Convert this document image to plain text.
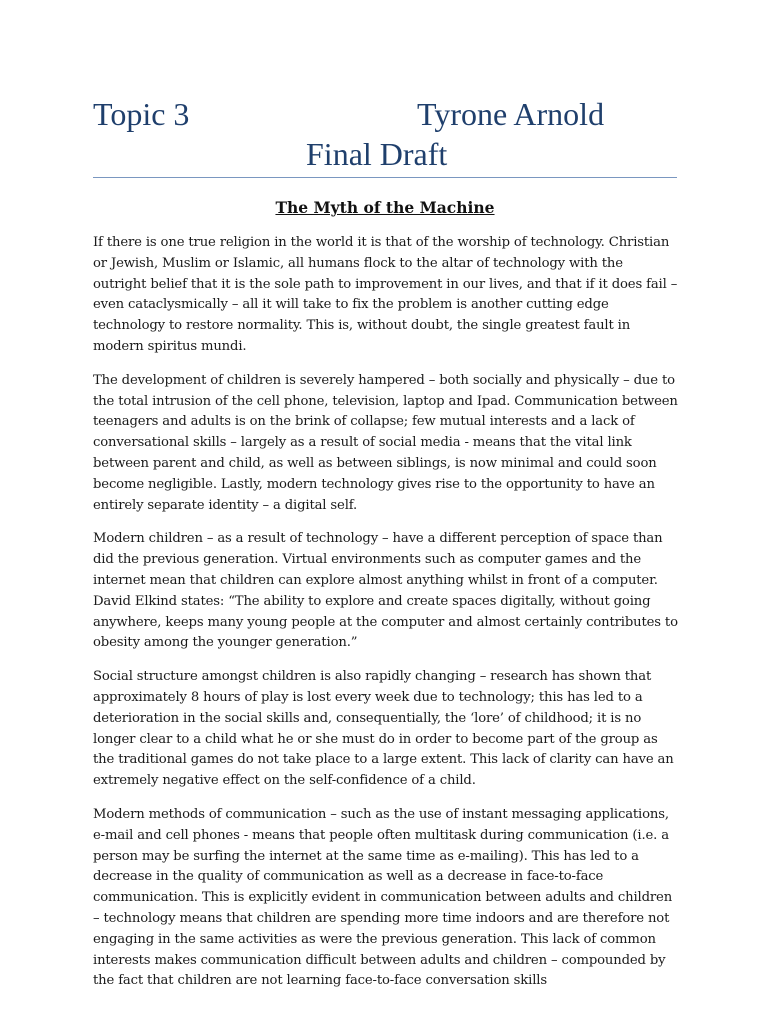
Topic 3	Tyrone Arnold
Final Draft
The Myth of the Machine

If there is one true religion in the world it is that of the worship of technology. Christian or Jewish, Muslim or Islamic, all humans flock to the altar of technology with the outright belief that it is the sole path to improvement in our lives, and that if it does fail – even cataclysmically – all it will take to fix the problem is another cutting edge technology to restore normality. This is, without doubt, the single greatest fault in modern spiritus mundi.

The development of children is severely hampered – both socially and physically – due to the total intrusion of the cell phone, television, laptop and Ipad. Communication between teenagers and adults is on the brink of collapse; few mutual interests and a lack of conversational skills – largely as a result of social media - means that the vital link between parent and child, as well as between siblings, is now minimal and could soon become negligible. Lastly, modern technology gives rise to the opportunity to have an entirely separate identity – a digital self.

Modern children – as a result of technology – have a different perception of space than did the previous generation. Virtual environments such as computer games and the internet mean that children can explore almost anything whilst in front of a computer. David Elkind states: “The ability to explore and create spaces digitally, without going anywhere, keeps many young people at the computer and almost certainly contributes to obesity among the younger generation.”

Social structure amongst children is also rapidly changing – research has shown that approximately 8 hours of play is lost every week due to technology; this has led to a deterioration in the social skills and, consequentially, the ‘lore’ of childhood; it is no longer clear to a child what he or she must do in order to become part of the group as the traditional games do not take place to a large extent. This lack of clarity can have an extremely negative effect on the self-confidence of a child.

Modern methods of communication – such as the use of instant messaging applications, e-mail and cell phones - means that people often multitask during communication (i.e. a person may be surfing the internet at the same time as e-mailing). This has led to a decrease in the quality of communication as well as a decrease in face-to-face communication. This is explicitly evident in communication between adults and children – technology means that children are spending more time indoors and are therefore not engaging in the same activities as were the previous generation. This lack of common interests makes communication difficult between adults and children – compounded by the fact that children are not learning face-to-face conversation skills
